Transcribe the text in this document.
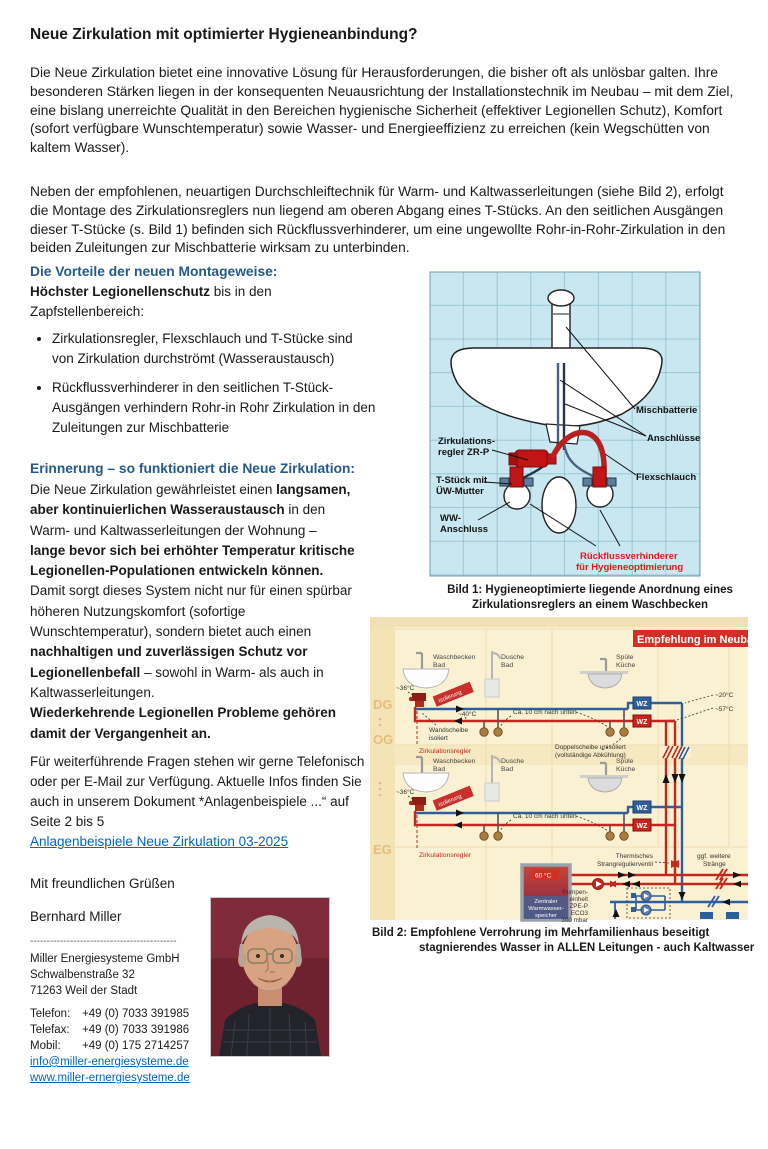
Neue Zirkulation mit optimierter Hygieneanbindung?
Die Neue Zirkulation bietet eine innovative Lösung für Herausforderungen, die bisher oft als unlösbar galten. Ihre besonderen Stärken liegen in der konsequenten Neuausrichtung der Installationstechnik im Neubau – mit dem Ziel, eine bislang unerreichte Qualität in den Bereichen hygienische Sicherheit (effektiver Legionellen Schutz), Komfort (sofort verfügbare Wunschtemperatur) sowie Wasser- und Energieeffizienz zu erreichen (kein Wegschütten von kaltem Wasser).
Neben der empfohlenen, neuartigen Durchschleiftechnik für Warm- und Kaltwasserleitungen (siehe Bild 2), erfolgt die Montage des Zirkulationsreglers nun liegend am oberen Abgang eines T-Stücks. An den seitlichen Ausgängen dieser T-Stücke (s. Bild 1) befinden sich Rückflussverhinderer, um eine ungewollte Rohr-in-Rohr-Zirkulation in den beiden Zuleitungen zur Mischbatterie wirksam zu unterbinden.
Die Vorteile der neuen Montageweise:
Höchster Legionellenschutz bis in den Zapfstellenbereich:
• Zirkulationsregler, Flexschlauch und T-Stücke sind von Zirkulation durchströmt (Wasseraustausch)
• Rückflussverhinderer in den seitlichen T-Stück-Ausgängen verhindern Rohr-in Rohr Zirkulation in den Zuleitungen zur Mischbatterie
Erinnerung – so funktioniert die Neue Zirkulation:
Die Neue Zirkulation gewährleistet einen langsamen,
aber kontinuierlichen Wasseraustausch in den
Warm- und Kaltwasserleitungen der Wohnung –
lange bevor sich bei erhöhter Temperatur kritische
Legionellen-Populationen entwickeln können.
Damit sorgt dieses System nicht nur für einen spürbar
höheren Nutzungskomfort (sofortige
Wunschtemperatur), sondern bietet auch einen
nachhaltigen und zuverlässigen Schutz vor
Legionellenbefall – sowohl in Warm- als auch in
Kaltwasserleitungen.
Wiederkehrende Legionellen Probleme gehören
damit der Vergangenheit an.
Für weiterführende Fragen stehen wir gerne Telefonisch oder per E-Mail zur Verfügung. Aktuelle Infos finden Sie auch in unserem Dokument *Anlagenbeispiele ...“ auf Seite 2 bis 5
Anlagenbeispiele Neue Zirkulation 03-2025
Mit freundlichen Grüßen
Bernhard Miller
--------------------------------------------
Miller Energiesysteme GmbH
Schwalbenstraße 32
71263 Weil der Stadt
Telefon: +49 (0) 7033 391985
Telefax: +49 (0) 7033 391986
Mobil: +49 (0) 175 2714257
info@miller-energiesysteme.de
www.miller-ernergiesysteme.de
Zirkulations-
regler ZR-P
T-Stück mit
ÜW-Mutter
WW-
Anschluss
Mischbatterie
Anschlüsse
Flexschlauch
Rückflussverhinderer
für Hygieneoptimierung
Bild 1: Hygieneoptimierte liegende Anordnung eines
Zirkulationsreglers an einem Waschbecken
Empfehlung im Neubau
DG
OG
EG
Waschbecken
Bad
~36°C
Isolierung
Dusche
Bad
Spüle
Küche
~40°C	Ca. 10 cm nach unten
Wandscheibe
isoliert
Zirkulationsregler
WZ
WZ
Waschbecken
Bad
~36°C
Isolierung
Dusche
Bad
Spüle
Küche
Ca. 10 cm nach unten
Zirkulationsregler
WZ
WZ
~20°C
~57°C
Doppelscheibe unisoliert
(vollständige Abkühlung)
Thermisches
Strangregulierventil
ggf. weitere
Stränge
60 °C
Zentraler
Warmwasser-
speicher
Pumpen-
einheit
ZPE-P
ECO3
300 mbar
Bild 2: Empfohlene Verrohrung im Mehrfamilienhaus beseitigt
stagnierendes Wasser in ALLEN Leitungen - auch Kaltwasser
